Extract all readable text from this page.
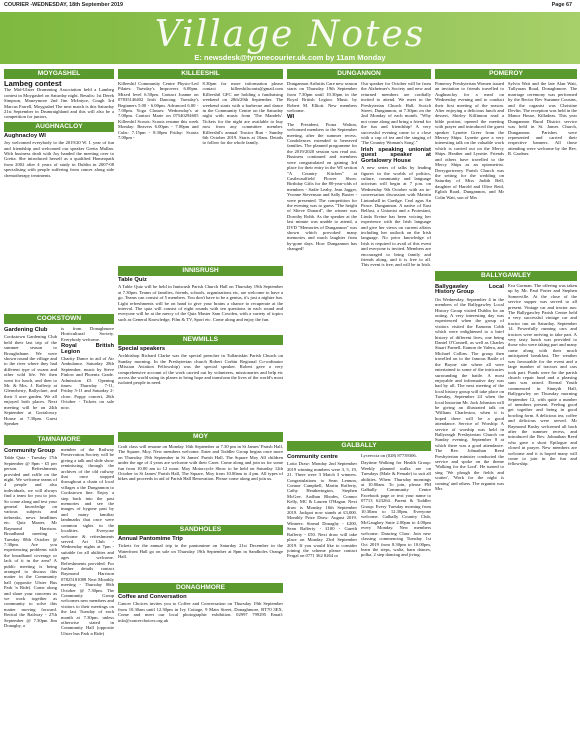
COURIER -WEDNESDAY, 18th September 2019	Page 67
Village Notes
E: newsdesk@tyronecourier.uk.com by 11am Monday
MOYGASHEL
Lambeg contest

The Mid-Ulster Drumming Association held a Lambeg contest in Moygashel on Saturday night. Results: 1st Derek Simpson, Moneymore 2nd Jim McIntyre, Coagh 3rd Marcus Farrell, Moygashel The next match is this Saturday 21st September in Drumraighland and this will also be a competition for juniors.

AUGHNACLOY
Aughnacloy WI

Joy welcomed everybody to the 2019/20 W. I. year of fun and friendship and welcomed our speaker Gretta Mullan. With business dealt with Joy handed the meeting over to Gretta. She introduced herself as a qualified Homeopath from 2002 after 4 years of study in Dublin in 2007-08 specialising with people suffering from cancer along side chemotherapy treatments.

COOKSTOWN
Gardening Club

Cookstown Gardening Club held their last trip of the summer season to Broughshane. We were shown round the village and to the river where they had different type of swans and other wild life. We then went for lunch, and then to Mr. & Mrs. J. Rafferty at Glenwherry, Ballyclare, and their 3 acre garden. We all enjoyed both places. Next meeting will be on 24th September at Gortalowry House at 7.30pm. Guest Speaker

is from Donaghmore Horticultural Society. Everybody welcome.

Royal British Legion

Charity Dance in aid of Air Ambulance. Saturday 28th September, music by Steve Finlow and Phoenix Grade. Admission £5. Opening times: Thursday 7-11, Friday 5-11 and Saturday 2-close. Poppy concert, 26th October - Tickets on sale now.

TAMNAMORE
Community Group

Table Quiz - Tuesday 17th September @ 8pm - £5 per person. Refreshments provided and raffle on the night. We welcome teams of 4 people and also individuals, we will always find a team for you to join. So come along and test your general knowledge on various subjects and tiebreaks, news headlines etc. Quiz Master, Mr Raymond Harrison. Broadband meeting - Tuesday 08th October @ 7.30pm. Are you experiencing problems with the broadband coverage or lack of it in the area? A public meeting is being arranged to discuss this matter in the Community hall (opposite Ulster Bus Park 'n Ride). Come along and share your concerns as we work together as community to solve this matter moving forward. Recital the Railway - 27th September @ 7.30pm Jim Donaghy, a

member of the Railway Preservation Society will be giving a talk and slide show reminiscing through the archives of the old railway that once stopped throughout a chain of local villages a the Dungannon to Cookstown line. Enjoy a step back into the past memories and see the images of bygone past by and many familiar landmarks that once were common sights in the localities. Everyone welcome & refreshments served. Art Club - Wednesday nights at 7pm - suitable for all abilities and ages welcome. Refreshments provided. For further details contact Raymond Harrison 07825181088 Next Monthly meeting - Thursday 06th October @ 7.30pm. The Community Group welcomes new members and visitors to their meetings on the last Tuesday of each month at 7.30pm. unless otherwise stated in Community Hall (opposite Ulster bus Park n Ride)

KILLEESHIL

Killeeshil Community Centre Physio-Led Pilates: Tuesday's Improvers 6.00pm. Mixed level 6.50pm. Contact Joanne on 07835146402 Irish Dancing: Tuesday's Beginners 5.00 - 6.00pm. Advanced 6.00 - 7.00pm. Yoga Classes: Wednesday's at 7.00pm. Contact Marie on 07540294605 Killeeshil Scouts: Scouts resume this week Monday: Beavers 6.00pm - 7.00pm and Cubs: 7.15pm - 8.30pm Friday: Scouts 7.00pm -

8.30pm for more information please contact killeeshilscouts@gmail.com Killeeshil GFC are holding a fundraising weekend on 28th/29th September. The weekend starts with a barbecue and dance in the Community Centre on the Saturday night with music from 'The Mandels'. Tickets for the night are available to buy now from any committee member. Killeeshil's annual Tractor Run - Sunday 6th October 2019. Starts at 10am. Details to follow for the whole family.

INNISRUSH
Table Quiz

A Table Quiz will be held in Innisrush Parish Church Hall on Thursday 19th September at 7.30pm. Teams of families, friends, schools, organisations etc, are welcome to have a go. Teams can consist of 5 members. You don't have to be a genius, it's just a nighter fun. Light refreshments will be on hand to give your brains a chance to recuperate at the interval. The quiz will consist of eight rounds with ten questions in each round and everyone will be at the mercy of the Quiz Master Sam Cowden, with a variety of topics such as General Knowledge, Film & TV, Sport etc. Come along and enjoy the fun.

NEWMILLS
Special speakers

Archbishop Richard Clarke was the special preacher in Tullaniskin Parish Church on Sunday morning. In the Presbyterian church Robert Corbin Regional Co-ordinator (Mission Aviation Fellowship) was the special speaker. Robert gave a very comprehensive account of the work carried out by volunteers, missionaries and help etc across the world using its planes to bring hope and transform the lives of the world's most isolated people in need.

MOY

Craft class will resume on Monday 16th September at 7.30 pm in St James' Parish Hall, The Square, Moy. New members welcome. Eater and Toddler Group begins once more on Thursday 19th September in St James' Parish Hall, The Square Moy All children under the age of 4 years are welcome with their Carer. Come along and join us for some fun from 10.00 am to 12 noon. Moy Motorcycle Show to be held on Saturday 12th October in St James' Parish Hall, The Square, Moy from 10.00am to 4 pm. All types of bikes and proceeds in aid of Parish Hall Renovation. Please come along and join us.

SANDHOLES
Annual Pantomime Trip

Tickets for the annual trip to the pantomime on Saturday 21st December in the Waterfront Hall go on sale on Thursday 19th September at 8pm in Sandholes Orange Hall.

DONAGHMORE
Coffee and Conversation

Cancer Choices invites you to Coffee and Conversation on Thursday 19th September from 10.30am until 12.30pm in Ivy Cottage, 9 Main Street, Donaghmore, BT70 3EX. Come and meet our local photographic exhibition. 02997 799295 Email: info@cancerchoices.org.uk

DUNGANNON

Dungannon Arthritis Care new season starts on Thursday 19th September from 7.30pm until 10.30pm in the Royal British Legion. Music by Robert M. Elliott. New members welcome.

WI

The President, Fiona Walton, welcomed members to the September meeting, after the summer recess. Condolences extended to bereaved families. The planned programme for the 2019/2020 session was read out. Business continued and members were congratulated on gaining 3rd place for their entry in the WI section "A Country Kitchen" at Castlecaulfield Flower Show. Birthday Gifts for the 80-year-olds of members - Sadie Leahy, Jean Jagger, Yvonne Stevenson and Sally Baxter - were presented. The competition for the evening was to guess "The height of Slieve Donard", the winner was Dorothy Robb. As the speaker at the last minute was unable to attend, a DVD "Memories of Dungannon" was shown which provoked many memories and much laughter from by-gone days. How Dungannon has changed!

Our speaker for October will be from the Alzheimer's Society and new and returned members are cordially invited to attend. We meet in the Presbyterian Church Hall, Scotch Street, Dungannon, at 7.30pm on the 2nd Monday of each month. "Why not come along and bring a friend for the fun and friendship! A very successful evening came to a close with a cup of tea and the singing of 'The Country Woman's Song'."

Irish speaking unionist guest speaker at Gortalowry House

A new series of talks by leading figures in the worlds of politics, culture, community and language activism will begin at 7 p.m. on Wednesday 9th October with an in-conversation discussion with Mairtin Lintonhall in Gaeilge. Ceol agus An Peace. Dungannon. A native of East Belfast, a Unionist and a Protestant, Linda Ervine has been voicing her experience with the Irish language and give her views on current affairs including her outlook on the Irish language. No prior knowledge of Irish is required to avail of this event and everyone is invited. Members are encouraged to bring family and friends along, and it is free to all. This event is free, and will be in Irish.

GALBALLY
Community centre

Lotto Draw: Monday 2nd September 2019 winning numbers were 3, 5, 19, 21. There were 3 Match 3 winners. Congratulations to Sean Lennon, Connor Campbell, Martin Rafferty, Cathy Heatherington, Stephen McGee, Aodhan Rhodes, Connor Kelly, MC & Lauren O'Hagan. Next draw is Monday 16th September 2019. Jackpot now stands at £3,000. Monthly Prize Draw: August 2019. Winners: Sinead Donaghy - £200, Sean Rafferty - £100 - Gareth Rafferty - £50. Next draw will take place on Monday 23rd September 2019. If you would like to consider joining the scheme please contact Fergal on 0771 362 8264 or

Lyceeccia on (028) 87739306.

Daytime Walking for Health Group: Weekly planned walks are on Tuesdays (Male & Female) to suit all abilities. When: Thursday mornings at 10.00am. To join, please PM Galbally Community Centre Facebook page or text your name to 07713 623264. Parent & Toddler Group: Every Tuesday morning from 10.30am to 12.30pm. Everyone welcome. Galbally Country Club, McGaughey Suite 2.00pm to 4.00pm every Monday. New members welcome. Dancing Class: Join new classing commencing Tuesday 1st Oct 2019 from 8.30pm to 10.00pm, learn the steps, waltz, barn dances, polka, 2 step dancing and jiving.

POMEROY

Pomeroy Presbyterian Women issued an invitation to friends travelled to Aughnacloy for a meal on Wednesday evening and to conduct their first meeting of the season. After enjoying a delicious lunch and dessert, Shirley Kilfinnon read a bible portion, opened the meeting with prayer and introduced the guest speaker Lynette Greer from the Mersey Ships. Lynette gave a very interesting talk on the valuable work which is carried out on the Mercy Ships. Heather and Lynette. Friends and others have travelled to the Mercy Ships as an optometrist. Derrygortreavy Parish Church was the setting for the wedding on Saturday of Miss Judith Bell, daughter of Harold and Olive Reid, Eglish Road, Dungannon, and Mr Colin Watt, son of Mrs

Sylvia Watt and the late Alan Watt, Tullyaran Road, Donaghmore. The marriage ceremony was performed by the Rector Rev Suzanne Cousins, and the organist was Christine Devlin. The reception was held in the Manor House, Killadeas. This year Dungannon Rural District service was held in St. James Church, Dungannon. Parishes were represented and carried their respective banners. All those attending were welcome by the Rev. R. Gardner.

BALLYGAWLEY
Ballygawley Local History Group

On Wednesday, September 4 in the members of the Ballygawley Local History Group visited Dublin for an outing. A very interesting day was experienced when the group of visitors visited the Eamonn Cobb which were enlightened to a brief history of different lives, one being Daniel O'Connell, as well as Charles Stuart Parnell, Eamon de Valera, and Michael Collins. The group then travelled on to the famous Battle of the Boyne site where all were entertained to some of the intricacies surrounding the battle. A most enjoyable and informative day was had by all. The next meeting of the local history group will take place on Tuesday, September 24 when the local historian Mr. Jack Johnston will be giving an illustrated talk on 'William Charleston, when it is hoped there will be a good attendance. Service of Worship: A service of worship was held in Ballyreagh Presbyterian Church on Sunday evening, September 8 at which there was a good attendance. The Rev. Johnathan Reed Presbyterian minister conducted the service and spoke on the theme 'Walking for the Lord'. He turned to sing 'We plough the fields and scatter', 'Work for the night is coming' and others. The organist was Mrs

Eva Gorman. The offering was taken up by Mr. Paul Porter and Stephen Somerville. At the close of the service supper was served to all present. Vintage car and tractor run: The Ballygawley Parish Centre held a very successful vintage car and tractor run on Saturday, September 14. Powerfully running cars and tractors were arriving to take part. A very tasty lunch was provided to those who were taking part and many came along with their much anticipated breakfast. The weather was favourable for the event and a large number of tractors and cars took part. Funds were for the parish church repair fund and a pleasing sum was raised. Eternal Youth commenced in Sinnyth Hall, Ballygawley on Thursday morning September 12, with quite a number of members present. Feeling good get together and being in good bowling form. A delicious tea, coffee and delicious were served. Mr Raymond Busby welcomed all back after the summer recess, and introduced the Rev. Johnathan Reed who gave a short Epilogue and closed in prayer. New members are welcome and it is hoped many will come to join in the fun and fellowship.
